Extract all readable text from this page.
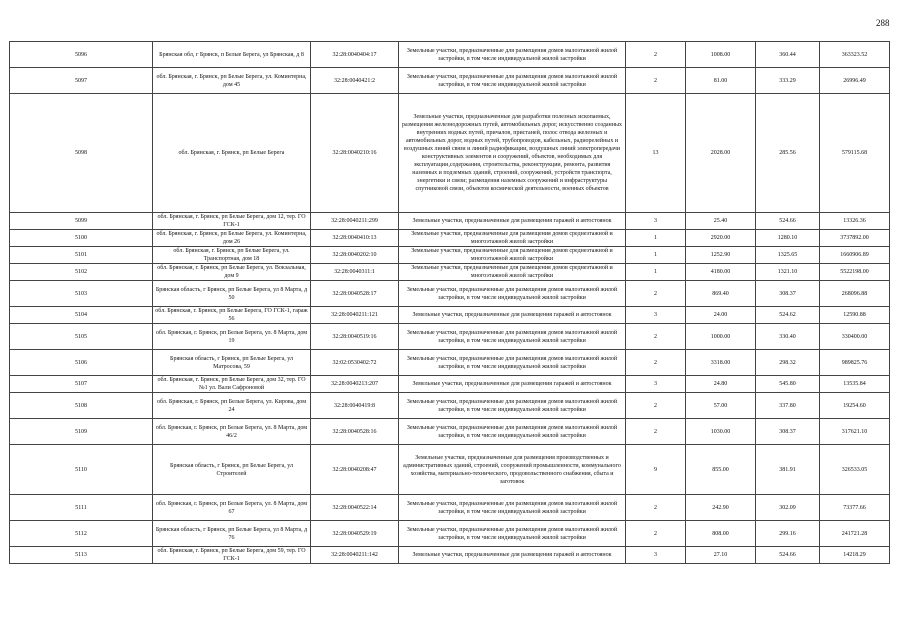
288
5096	Брянская обл, г Брянск, п Белые Берега, ул Брянская, д 8	32:28:0040404:17	Земельные участки, предназначенные для размещения домов малоэтажной жилой застройки, в том числе индивидуальной жилой застройки	2	1008.00	360.44	363323.52
5097	обл. Брянская, г. Брянск, рп Белые Берега, ул. Коминтерна, дом 45	32:28:0040421:2	Земельные участки, предназначенные для размещения домов малоэтажной жилой застройки, в том числе индивидуальной жилой застройки	2	81.00	333.29	26996.49
5098	обл. Брянская, г. Брянск, рп Белые Берега	32:28:0040210:16	Земельные участки, предназначенные для разработки полезных ископаемых, размещения железнодорожных путей, автомобильных дорог, искусственно созданных внутренних водных путей, причалов, пристаней, полос отвода железных и автомобильных дорог, водных путей, трубопроводов, кабельных, радиорелейных и воздушных линий связи и линий радиофикации, воздушных линий электропередачи конструктивных элементов и сооружений, объектов, необходимых для эксплуатации,содержания, строительства, реконструкции, ремонта, развития наземных и подземных зданий, строений, сооружений, устройств транспорта, энергетики и связи; размещения наземных сооружений и инфраструктуры спутниковой связи, объектов космической деятельности, военных объектов	13	2028.00	285.56	579115.68
5099	обл. Брянская, г. Брянск, рп Белые Берега, дом 12, тер. ГО ГСК-1	32:28:0040211:299	Земельные участки, предназначенные для размещения гаражей и автостоянок	3	25.40	524.66	13326.36
5100	обл. Брянская, г. Брянск, рп Белые Берега, ул. Коминтерна, дом 26	32:28:0040410:13	Земельные участки, предназначенные для размещения домов среднеэтажной и многоэтажной жилой застройки	1	2920.00	1280.10	3737892.00
5101	обл. Брянская, г. Брянск, рп Белые Берега, ул. Транспортная, дом 18	32:28:0040202:10	Земельные участки, предназначенные для размещения домов среднеэтажной и многоэтажной жилой застройки	1	1252.90	1325.65	1660906.89
5102	обл. Брянская, г. Брянск, рп Белые Берега, ул. Вокзальная, дом 9	32:28:0040311:1	Земельные участки, предназначенные для размещения домов среднеэтажной и многоэтажной жилой застройки	1	4180.00	1321.10	5522198.00
5103	Брянская область, г Брянск, рп Белые Берега, ул 8 Марта, д 50	32:28:0040528:17	Земельные участки, предназначенные для размещения домов малоэтажной жилой застройки, в том числе индивидуальной жилой застройки	2	869.40	308.37	268096.88
5104	обл. Брянская, г. Брянск, рп Белые Берега, ГО ГСК-1, гараж 56	32:28:0040211:121	Земельные участки, предназначенные для размещения гаражей и автостоянок	3	24.00	524.62	12590.88
5105	обл. Брянская, г. Брянск, рп Белые Берега, ул. 8 Марта, дом 19	32:28:0040519:16	Земельные участки, предназначенные для размещения домов малоэтажной жилой застройки, в том числе индивидуальной жилой застройки	2	1000.00	330.40	330400.00
5106	Брянская область, г Брянск, рп Белые Берега, ул Матросова, 59	32:02:0530402:72	Земельные участки, предназначенные для размещения домов малоэтажной жилой застройки, в том числе индивидуальной жилой застройки	2	3318.00	298.32	989825.76
5107	обл. Брянская, г. Брянск, рп Белые Берега, дом 32, тер. ГО №1 ул. Вали Сафроновой	32:28:0040213:207	Земельные участки, предназначенные для размещения гаражей и автостоянок	3	24.80	545.80	13535.84
5108	обл. Брянская, г. Брянск, рп Белые Берега, ул. Кирова, дом 24	32:28:0040419:8	Земельные участки, предназначенные для размещения домов малоэтажной жилой застройки, в том числе индивидуальной жилой застройки	2	57.00	337.80	19254.60
5109	обл. Брянская, г. Брянск, рп Белые Берега, ул. 8 Марта, дом 46/2	32:28:0040528:16	Земельные участки, предназначенные для размещения домов малоэтажной жилой застройки, в том числе индивидуальной жилой застройки	2	1030.00	308.37	317621.10
5110	Брянская область, г Брянск, рп Белые Берега, ул Строителей	32:28:0040208:47	Земельные участки, предназначенные для размещения производственных и административных зданий, строений, сооружений промышленности, коммунального хозяйства, материально-технического, продовольственного снабжения, сбыта и заготовок	9	855.00	381.91	326533.05
5111	обл. Брянская, г. Брянск, рп Белые Берега, ул. 8 Марта, дом 67	32:28:0040522:14	Земельные участки, предназначенные для размещения домов малоэтажной жилой застройки, в том числе индивидуальной жилой застройки	2	242.90	302.09	73377.66
5112	Брянская область, г Брянск, рп Белые Берега, ул 8 Марта, д 76	32:28:0040529:19	Земельные участки, предназначенные для размещения домов малоэтажной жилой застройки, в том числе индивидуальной жилой застройки	2	808.00	299.16	241721.28
5113	обл. Брянская, г. Брянск, рп Белые Берега, дом 59, тер. ГО ГСК-1	32:28:0040211:142	Земельные участки, предназначенные для размещения гаражей и автостоянок	3	27.10	524.66	14218.29
